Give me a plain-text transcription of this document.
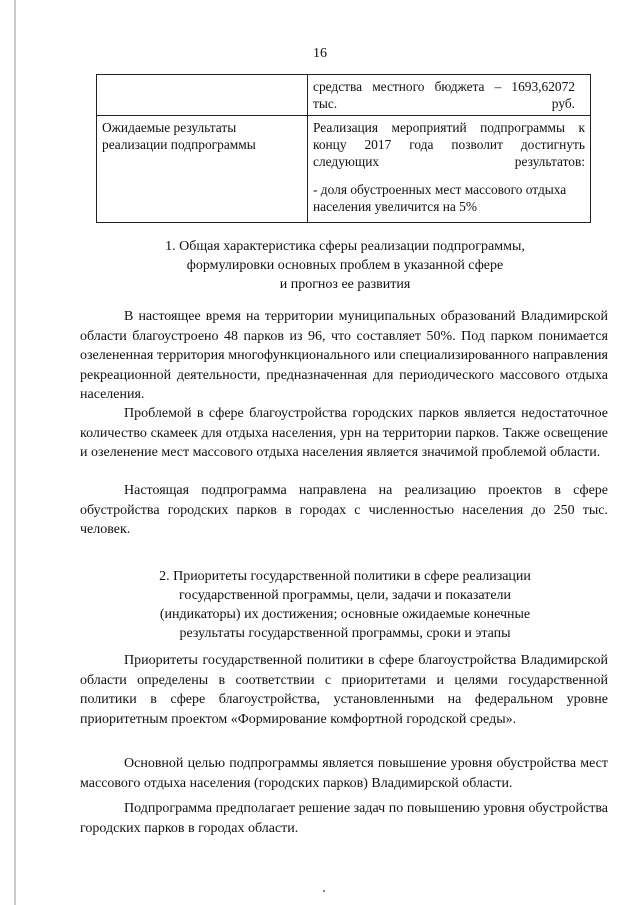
16

	средства местного бюджета – 1693,62072 тыс. руб.

Ожидаемые результаты реализации подпрограммы	Реализация мероприятий подпрограммы к концу 2017 года позволит достигнуть следующих результатов:
- доля обустроенных мест массового отдыха населения увеличится на 5%
1. Общая характеристика сферы реализации подпрограммы,
формулировки основных проблем в указанной сфере
и прогноз ее развития

В настоящее время на территории муниципальных образований Владимирской области благоустроено 48 парков из 96, что составляет 50%. Под парком понимается озелененная территория многофункционального или специализированного направления рекреационной деятельности, предназначенная для периодического массового отдыха населения.

Проблемой в сфере благоустройства городских парков является недостаточное количество скамеек для отдыха населения, урн на территории парков. Также освещение и озеленение мест массового отдыха населения является значимой проблемой области.

Настоящая подпрограмма направлена на реализацию проектов в сфере обустройства городских парков в городах с численностью населения до 250 тыс. человек.

2. Приоритеты государственной политики в сфере реализации
государственной программы, цели, задачи и показатели
(индикаторы) их достижения; основные ожидаемые конечные
результаты государственной программы, сроки и этапы

Приоритеты государственной политики в сфере благоустройства Владимирской области определены в соответствии с приоритетами и целями государственной политики в сфере благоустройства, установленными на федеральном уровне приоритетным проектом «Формирование комфортной городской среды».

Основной целью подпрограммы является повышение уровня обустройства мест массового отдыха населения (городских парков) Владимирской области.

Подпрограмма предполагает решение задач по повышению уровня обустройства городских парков в городах области.
